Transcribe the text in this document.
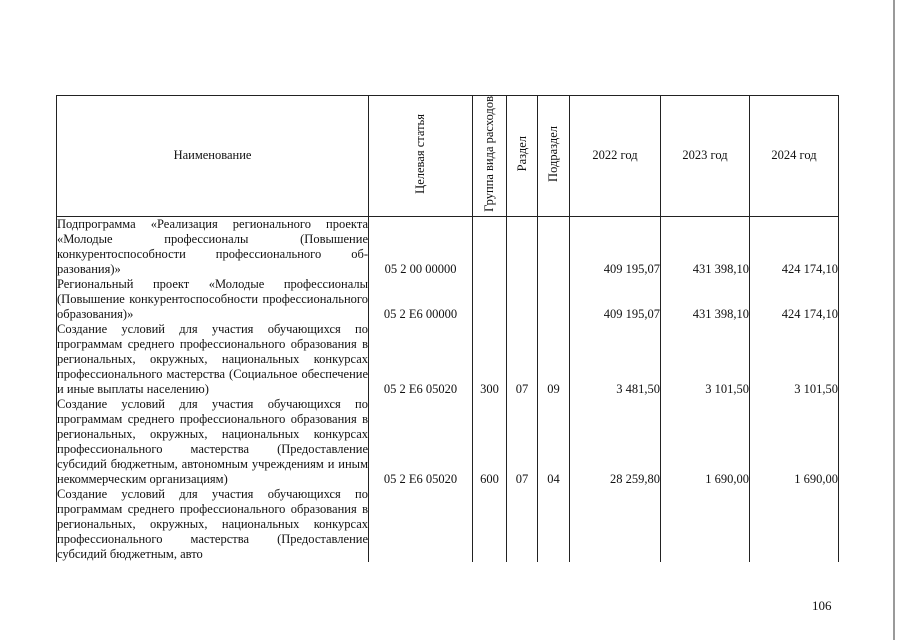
Наименование	Целевая статья	Группа вида расходов	Раздел	Подраздел	2022 год	2023 год	2024 год
Подпрограмма «Реализация регионального проекта «Молодые профессионалы (Повышение конкурентоспособности профессионального образования)»	05 2 00 00000				409 195,07	431 398,10	424 174,10
Региональный проект «Молодые профессионалы (Повышение конкурентоспособности профессионального образования)»	05 2 E6 00000				409 195,07	431 398,10	424 174,10
Создание условий для участия обучающихся по программам среднего профессионального образования в региональных, окружных, национальных конкурсах профессионального мастерства (Социальное обеспечение и иные выплаты населению)	05 2 E6 05020	300	07	09	3 481,50	3 101,50	3 101,50
Создание условий для участия обучающихся по программам среднего профессионального образования в региональных, окружных, национальных конкурсах профессионального мастерства (Предоставление субсидий бюджетным, автономным учреждениям и иным некоммерческим организациям)	05 2 E6 05020	600	07	04	28 259,80	1 690,00	1 690,00
Создание условий для участия обучающихся по программам среднего профессионального образования в региональных, окружных, национальных конкурсах профессионального мастерства (Предоставление субсидий бюджетным, авто							
106
